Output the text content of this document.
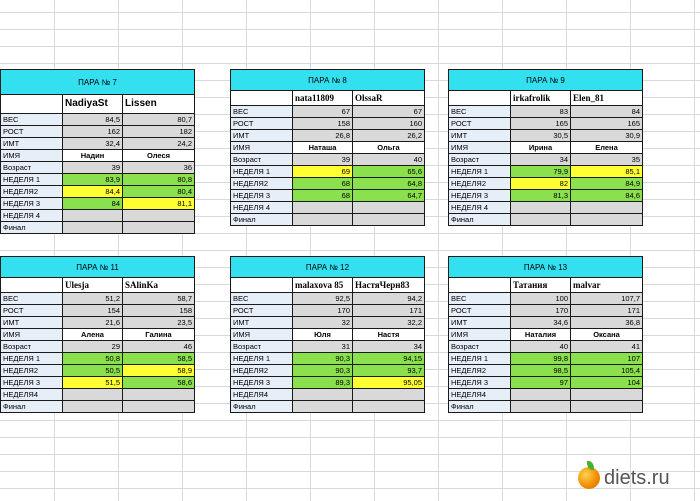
ПАРА № 7		
	NadiyaSt	Lissen
ВЕС	84,5	80,7
РОСТ	162	182
ИМТ	32,4	24,2
ИМЯ	Надин	Олеся
Возраст	39	36
НЕДЕЛЯ 1	83,9	80,8
НЕДЕЛЯ2	84,4	80,4
НЕДЕЛЯ 3	84	81,1
НЕДЕЛЯ 4		
Финал		
ПАРА № 8		
	nata11809	OlssaR
ВЕС	67	67
РОСТ	158	160
ИМТ	26,8	26,2
ИМЯ	Наташа	Ольга
Возраст	39	40
НЕДЕЛЯ 1	69	65,6
НЕДЕЛЯ2	68	64,8
НЕДЕЛЯ 3	68	64,7
НЕДЕЛЯ 4		
Финал		
ПАРА № 9		
	irkafrolik	Elen_81
ВЕС	83	84
РОСТ	165	165
ИМТ	30,5	30,9
ИМЯ	Ирина	Елена
Возраст	34	35
НЕДЕЛЯ 1	79,9	85,1
НЕДЕЛЯ2	82	84,9
НЕДЕЛЯ 3	81,3	84,6
НЕДЕЛЯ 4		
Финал		
ПАРА № 11		
	Ulesja	SAlinKa
ВЕС	51,2	58,7
РОСТ	154	158
ИМТ	21,6	23,5
ИМЯ	Алена	Галина
Возраст	29	46
НЕДЕЛЯ 1	50,8	58,5
НЕДЕЛЯ2	50,5	58,9
НЕДЕЛЯ 3	51,5	58,6
НЕДЕЛЯ4		
Финал		
ПАРА № 12		
	malaxova 85	НастяЧерн83
ВЕС	92,5	94,2
РОСТ	170	171
ИМТ	32	32,2
ИМЯ	Юля	Настя
Возраст	31	34
НЕДЕЛЯ 1	90,3	94,15
НЕДЕЛЯ2	90,3	93,7
НЕДЕЛЯ 3	89,3	95,05
НЕДЕЛЯ4		
Финал		
ПАРА № 13		
	Татания	malvar
ВЕС	100	107,7
РОСТ	170	171
ИМТ	34,6	36,8
ИМЯ	Наталия	Оксана
Возраст	40	41
НЕДЕЛЯ 1	99,8	107
НЕДЕЛЯ2	98,5	105,4
НЕДЕЛЯ 3	97	104
НЕДЕЛЯ4		
Финал		
diets.ru
